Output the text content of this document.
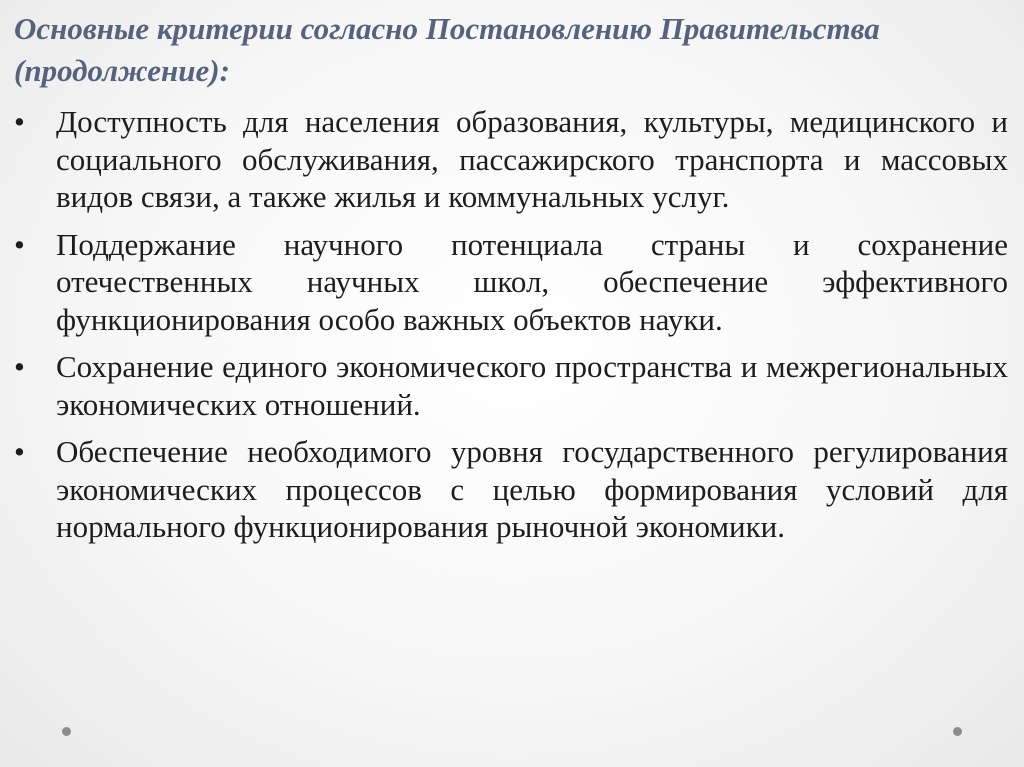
Основные критерии согласно Постановлению Правительства (продолжение):
• Доступность для населения образования, культуры, медицинского и социального обслуживания, пассажирского транспорта и массовых видов связи, а также жилья и коммунальных услуг.
• Поддержание научного потенциала страны и сохранение отечественных научных школ, обеспечение эффективного функционирования особо важных объектов науки.
• Сохранение единого экономического пространства и межрегиональных экономических отношений.
• Обеспечение необходимого уровня государственного регулирования экономических процессов с целью формирования условий для нормального функционирования рыночной экономики.
